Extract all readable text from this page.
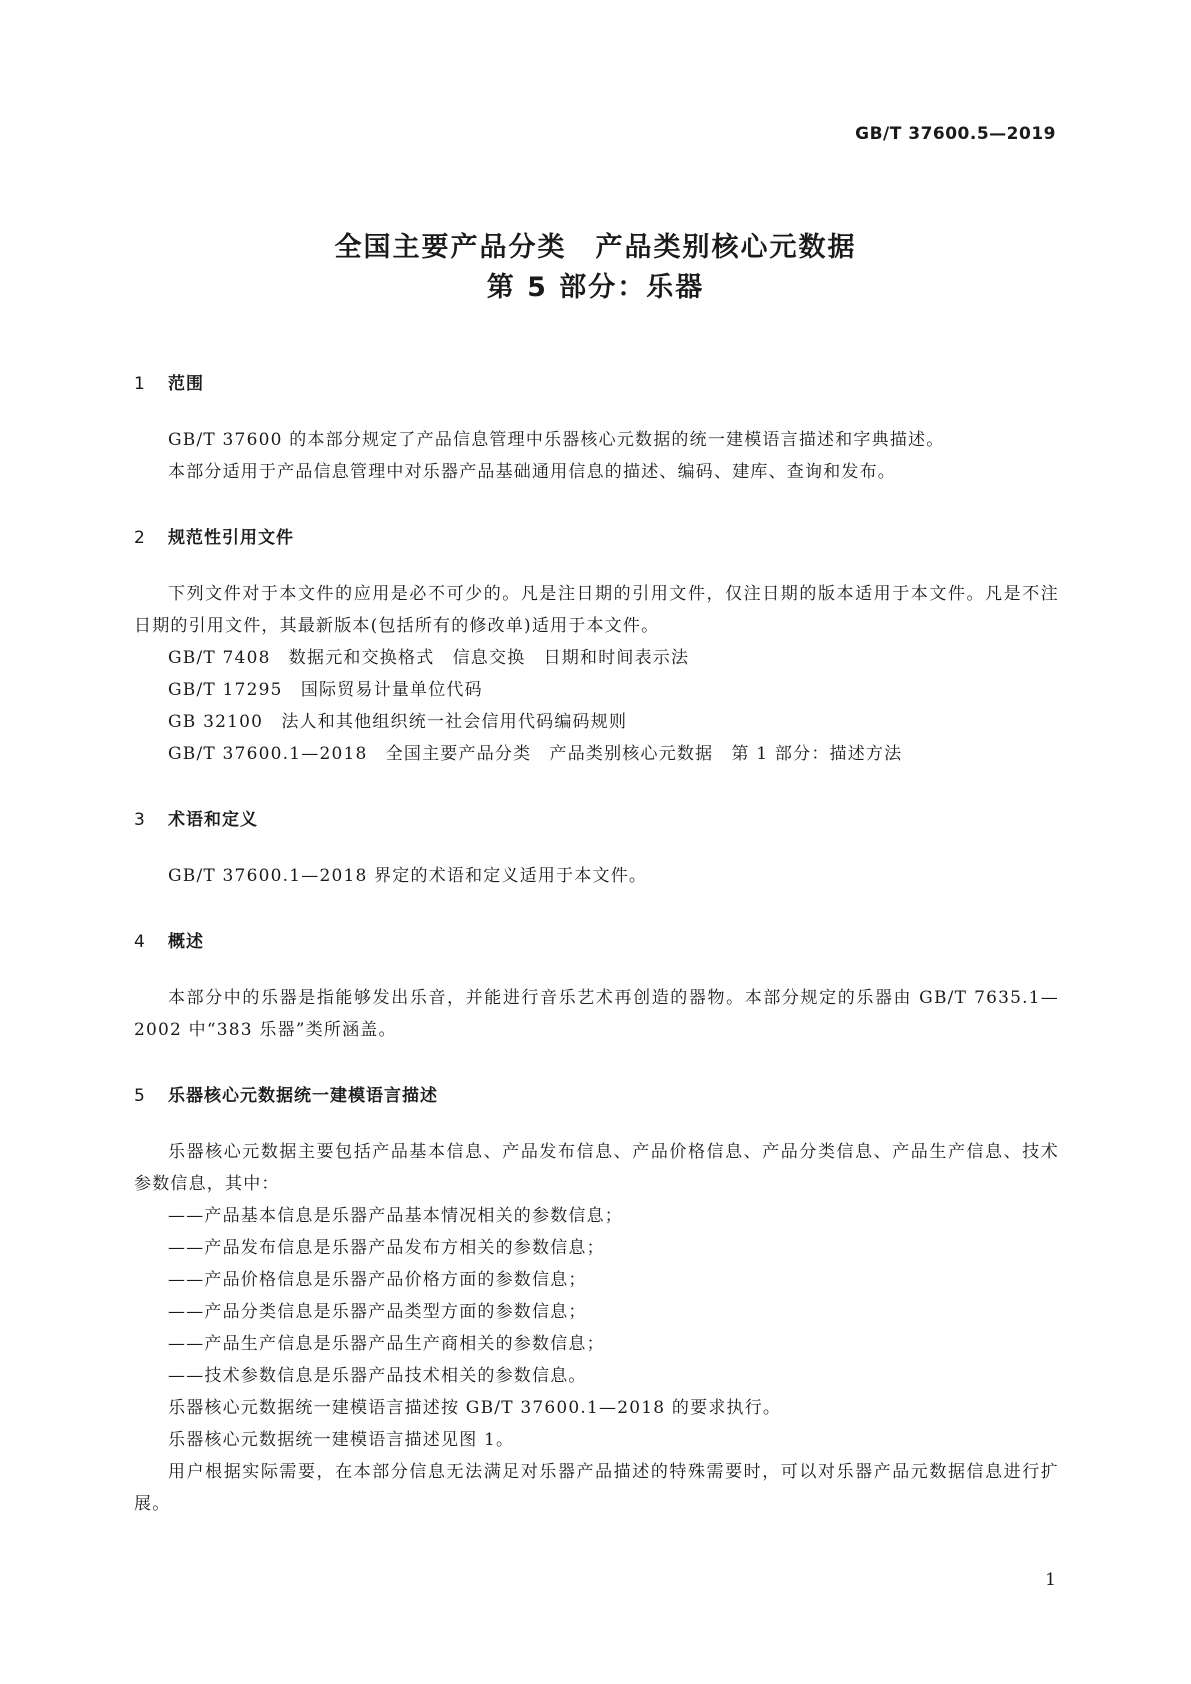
GB/T 37600.5—2019
全国主要产品分类　产品类别核心元数据
第 5 部分：乐器
1 范围
GB/T 37600 的本部分规定了产品信息管理中乐器核心元数据的统一建模语言描述和字典描述。
本部分适用于产品信息管理中对乐器产品基础通用信息的描述、编码、建库、查询和发布。
2 规范性引用文件
下列文件对于本文件的应用是必不可少的。凡是注日期的引用文件，仅注日期的版本适用于本文件。凡是不注日期的引用文件，其最新版本(包括所有的修改单)适用于本文件。
GB/T 7408　数据元和交换格式　信息交换　日期和时间表示法
GB/T 17295　国际贸易计量单位代码
GB 32100　法人和其他组织统一社会信用代码编码规则
GB/T 37600.1—2018　全国主要产品分类　产品类别核心元数据　第 1 部分：描述方法
3 术语和定义
GB/T 37600.1—2018 界定的术语和定义适用于本文件。
4 概述
本部分中的乐器是指能够发出乐音，并能进行音乐艺术再创造的器物。本部分规定的乐器由 GB/T 7635.1—2002 中“383 乐器”类所涵盖。
5 乐器核心元数据统一建模语言描述
乐器核心元数据主要包括产品基本信息、产品发布信息、产品价格信息、产品分类信息、产品生产信息、技术参数信息，其中：
——产品基本信息是乐器产品基本情况相关的参数信息；
——产品发布信息是乐器产品发布方相关的参数信息；
——产品价格信息是乐器产品价格方面的参数信息；
——产品分类信息是乐器产品类型方面的参数信息；
——产品生产信息是乐器产品生产商相关的参数信息；
——技术参数信息是乐器产品技术相关的参数信息。
乐器核心元数据统一建模语言描述按 GB/T 37600.1—2018 的要求执行。
乐器核心元数据统一建模语言描述见图 1。
用户根据实际需要，在本部分信息无法满足对乐器产品描述的特殊需要时，可以对乐器产品元数据信息进行扩展。
1
